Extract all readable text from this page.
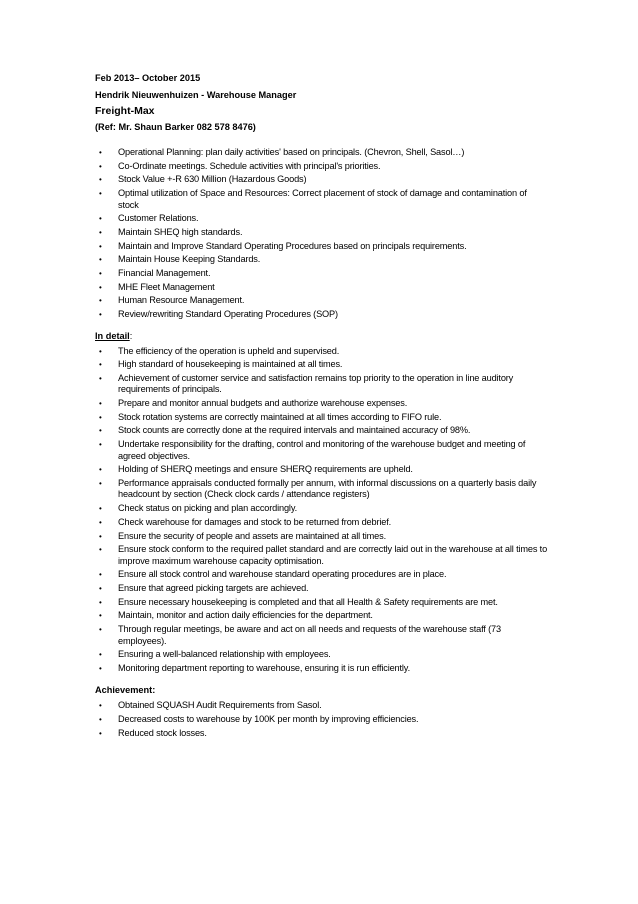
Feb 2013– October 2015
Hendrik Nieuwenhuizen - Warehouse Manager
Freight-Max
(Ref: Mr. Shaun Barker 082 578 8476)
• Operational Planning: plan daily activities' based on principals. (Chevron, Shell, Sasol…)
• Co-Ordinate meetings. Schedule activities with principal's priorities.
• Stock Value +-R 630 Million (Hazardous Goods)
• Optimal utilization of Space and Resources: Correct placement of stock of damage and contamination of stock
• Customer Relations.
• Maintain SHEQ high standards.
• Maintain and Improve Standard Operating Procedures based on principals requirements.
• Maintain House Keeping Standards.
• Financial Management.
• MHE Fleet Management
• Human Resource Management.
• Review/rewriting Standard Operating Procedures (SOP)
In detail:
• The efficiency of the operation is upheld and supervised.
• High standard of housekeeping is maintained at all times.
• Achievement of customer service and satisfaction remains top priority to the operation in line auditory requirements of principals.
• Prepare and monitor annual budgets and authorize warehouse expenses.
• Stock rotation systems are correctly maintained at all times according to FIFO rule.
• Stock counts are correctly done at the required intervals and maintained accuracy of 98%.
• Undertake responsibility for the drafting, control and monitoring of the warehouse budget and meeting of agreed objectives.
• Holding of SHERQ meetings and ensure SHERQ requirements are upheld.
• Performance appraisals conducted formally per annum, with informal discussions on a quarterly basis daily headcount by section (Check clock cards / attendance registers)
• Check status on picking and plan accordingly.
• Check warehouse for damages and stock to be returned from debrief.
• Ensure the security of people and assets are maintained at all times.
• Ensure stock conform to the required pallet standard and are correctly laid out in the warehouse at all times to improve maximum warehouse capacity optimisation.
• Ensure all stock control and warehouse standard operating procedures are in place.
• Ensure that agreed picking targets are achieved.
• Ensure necessary housekeeping is completed and that all Health & Safety requirements are met.
• Maintain, monitor and action daily efficiencies for the department.
• Through regular meetings, be aware and act on all needs and requests of the warehouse staff (73 employees).
• Ensuring a well-balanced relationship with employees.
• Monitoring department reporting to warehouse, ensuring it is run efficiently.
Achievement:
• Obtained SQUASH Audit Requirements from Sasol.
• Decreased costs to warehouse by 100K per month by improving efficiencies.
• Reduced stock losses.
